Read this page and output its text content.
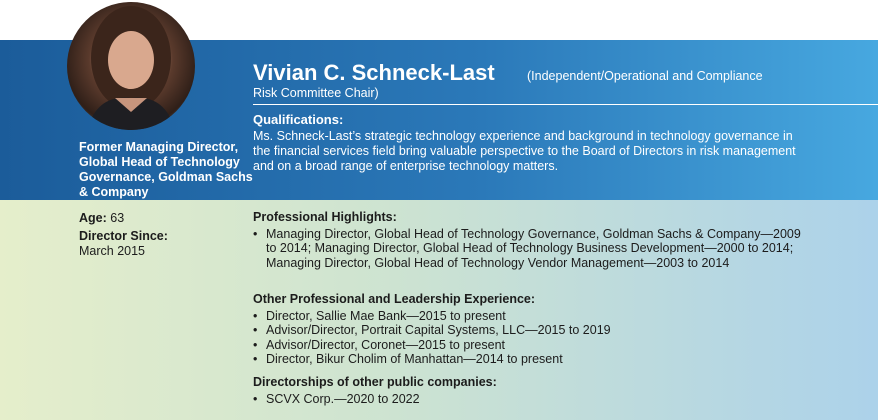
Former Managing Director, Global Head of Technology Governance, Goldman Sachs & Company
Vivian C. Schneck-Last	(Independent/Operational and Compliance
Risk Committee Chair)
Qualifications:
Ms. Schneck-Last’s strategic technology experience and background in technology governance in the financial services field bring valuable perspective to the Board of Directors in risk management and on a broad range of enterprise technology matters.
Age: 63
Director Since:
March 2015
Professional Highlights:
• Managing Director, Global Head of Technology Governance, Goldman Sachs & Company—2009 to 2014; Managing Director, Global Head of Technology Business Development—2000 to 2014; Managing Director, Global Head of Technology Vendor Management—2003 to 2014
Other Professional and Leadership Experience:
• Director, Sallie Mae Bank—2015 to present
• Advisor/Director, Portrait Capital Systems, LLC—2015 to 2019
• Advisor/Director, Coronet—2015 to present
• Director, Bikur Cholim of Manhattan—2014 to present
Directorships of other public companies:
• SCVX Corp.—2020 to 2022
